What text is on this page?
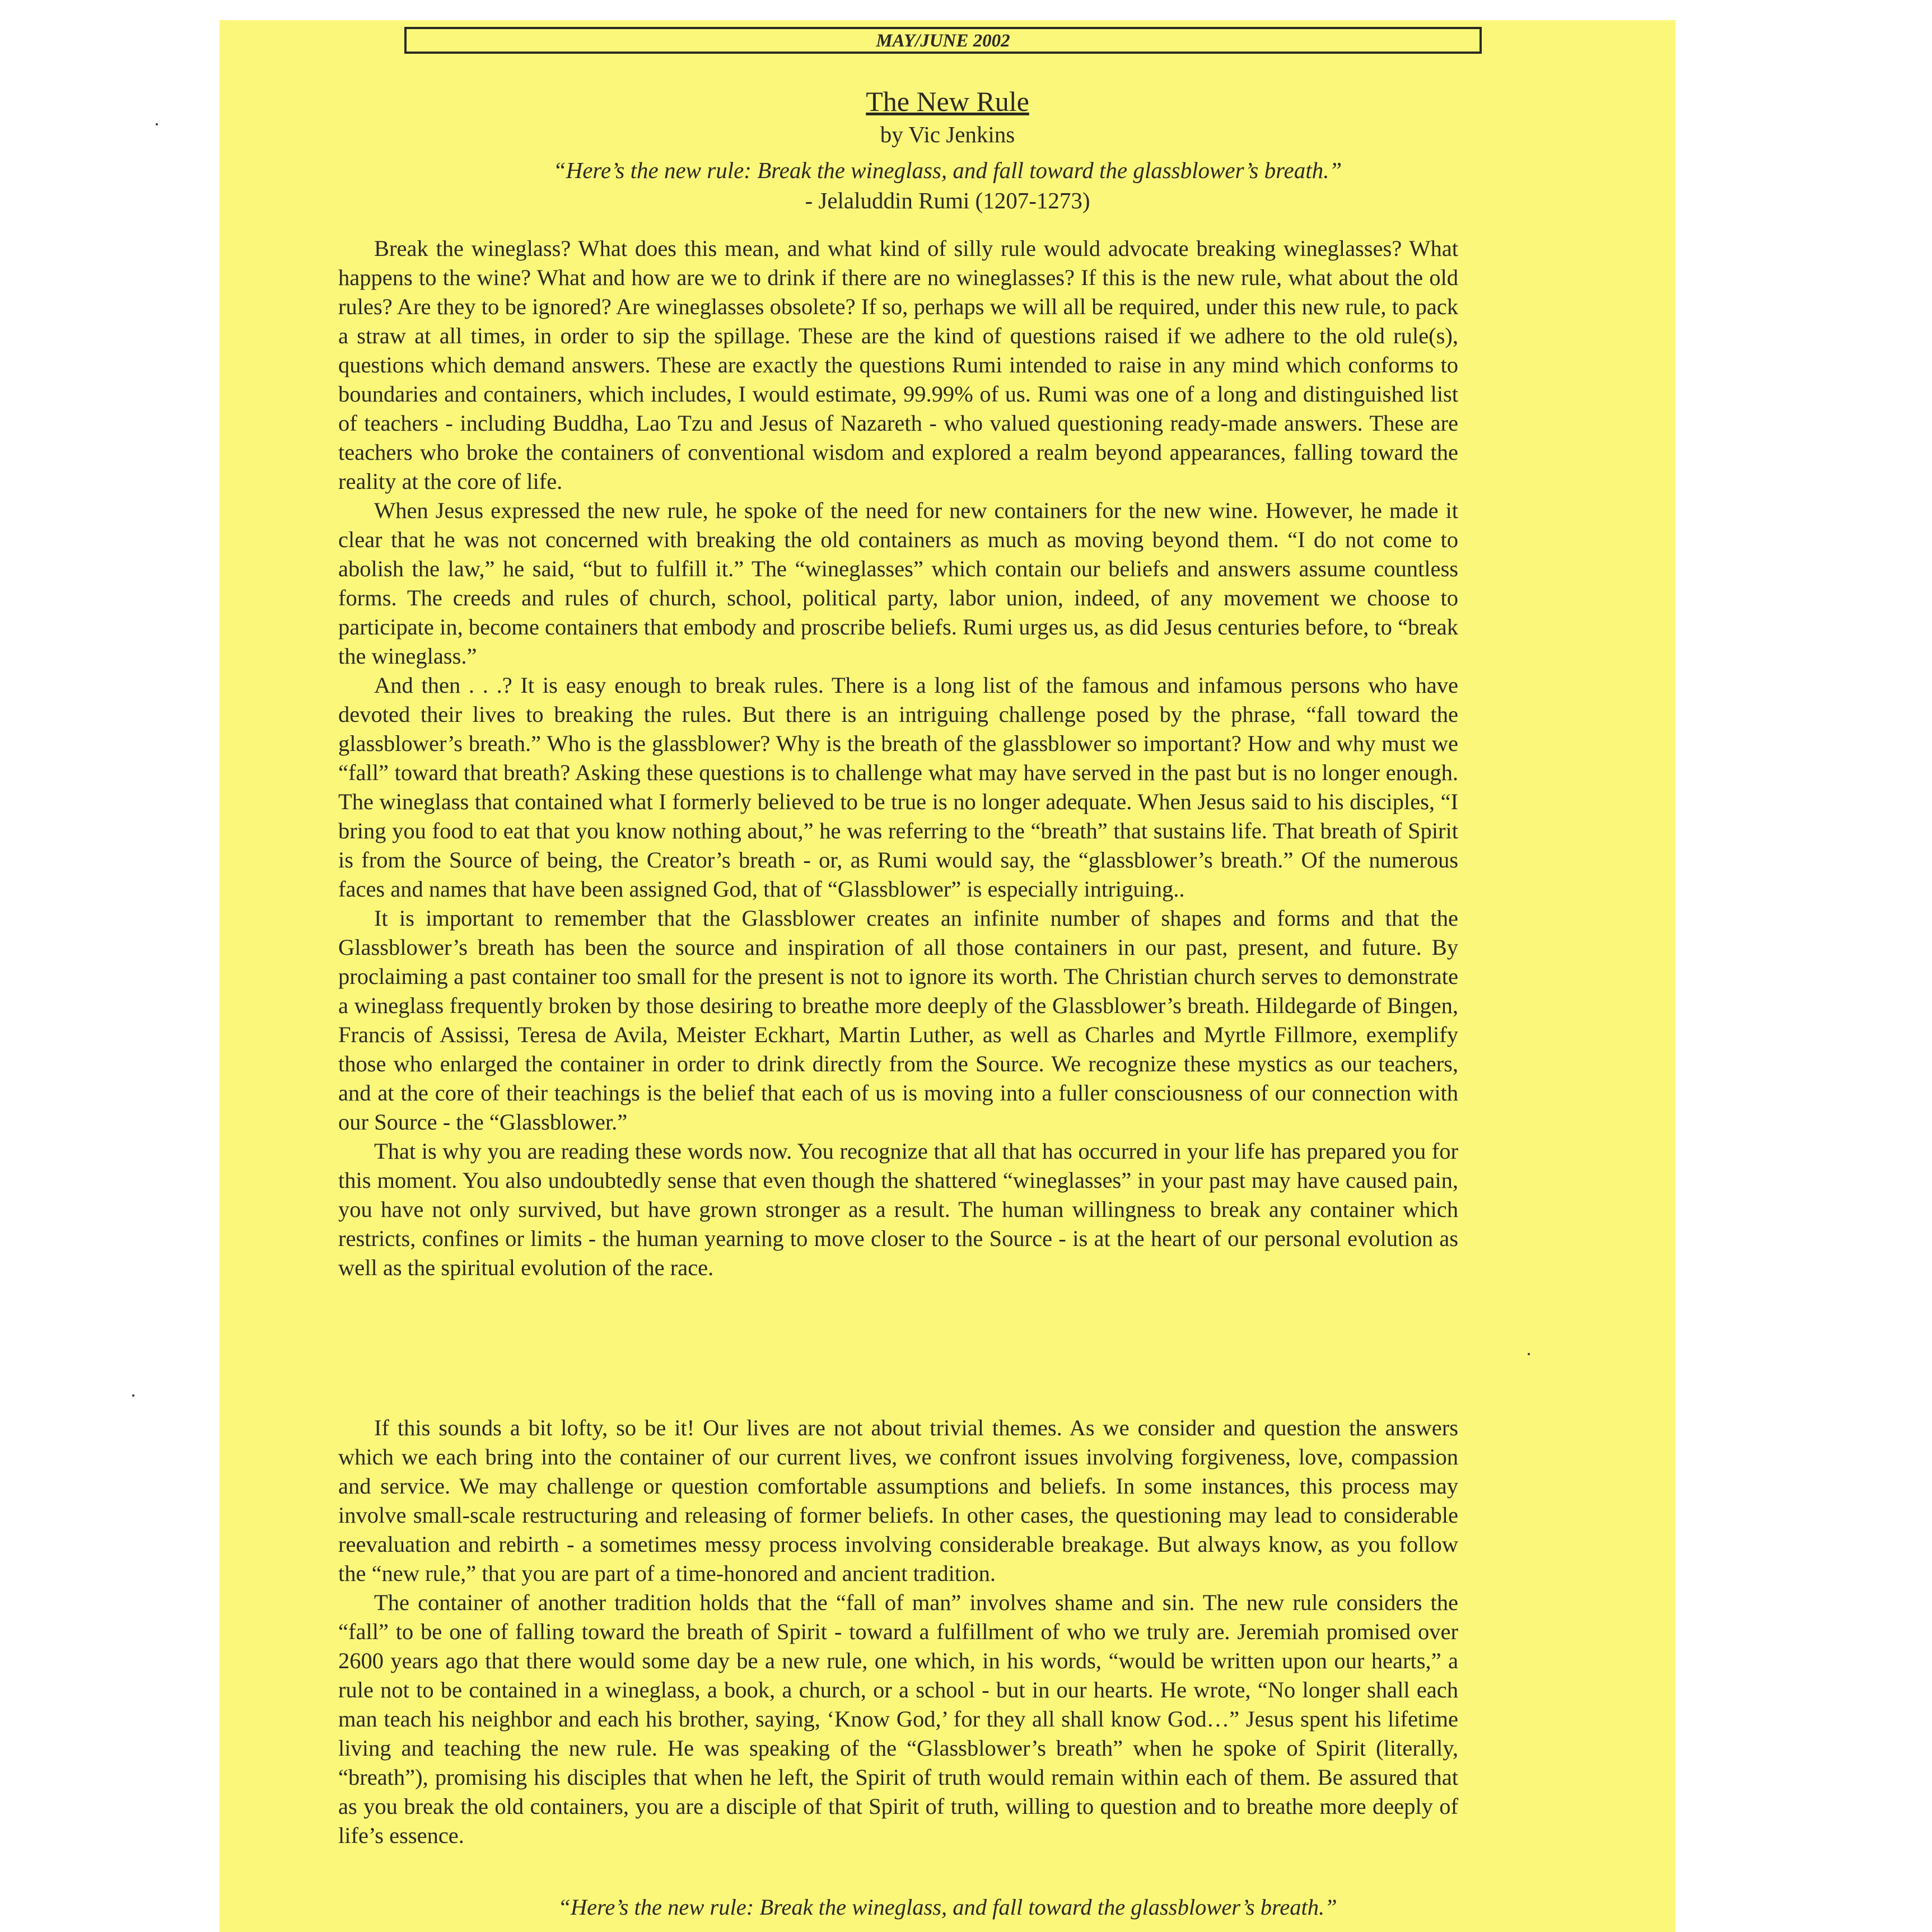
MAY/JUNE 2002
The New Rule
by Vic Jenkins
“Here’s the new rule: Break the wineglass, and fall toward the glassblower’s breath.”
- Jelaluddin Rumi (1207-1273)

Break the wineglass? What does this mean, and what kind of silly rule would advocate breaking wineglasses? What happens to the wine? What and how are we to drink if there are no wineglasses? If this is the new rule, what about the old rules? Are they to be ignored? Are wineglasses obsolete? If so, perhaps we will all be required, under this new rule, to pack a straw at all times, in order to sip the spillage. These are the kind of questions raised if we adhere to the old rule(s), questions which demand answers. These are exactly the questions Rumi intended to raise in any mind which conforms to boundaries and containers, which includes, I would estimate, 99.99% of us. Rumi was one of a long and distinguished list of teachers - including Buddha, Lao Tzu and Jesus of Nazareth - who valued questioning ready-made answers. These are teachers who broke the containers of conventional wisdom and explored a realm beyond appearances, falling toward the reality at the core of life.

When Jesus expressed the new rule, he spoke of the need for new containers for the new wine. However, he made it clear that he was not concerned with breaking the old containers as much as moving beyond them. “I do not come to abolish the law,” he said, “but to fulfill it.” The “wineglasses” which contain our beliefs and answers assume countless forms. The creeds and rules of church, school, political party, labor union, indeed, of any movement we choose to participate in, become containers that embody and proscribe beliefs. Rumi urges us, as did Jesus centuries before, to “break the wineglass.”

And then . . .? It is easy enough to break rules. There is a long list of the famous and infamous persons who have devoted their lives to breaking the rules. But there is an intriguing challenge posed by the phrase, “fall toward the glassblower’s breath.” Who is the glassblower? Why is the breath of the glassblower so important? How and why must we “fall” toward that breath? Asking these questions is to challenge what may have served in the past but is no longer enough. The wineglass that contained what I formerly believed to be true is no longer adequate. When Jesus said to his disciples, “I bring you food to eat that you know nothing about,” he was referring to the “breath” that sustains life. That breath of Spirit is from the Source of being, the Creator’s breath - or, as Rumi would say, the “glassblower’s breath.” Of the numerous faces and names that have been assigned God, that of “Glassblower” is especially intriguing..

It is important to remember that the Glassblower creates an infinite number of shapes and forms and that the Glassblower’s breath has been the source and inspiration of all those containers in our past, present, and future. By proclaiming a past container too small for the present is not to ignore its worth. The Christian church serves to demonstrate a wineglass frequently broken by those desiring to breathe more deeply of the Glassblower’s breath. Hildegarde of Bingen, Francis of Assissi, Teresa de Avila, Meister Eckhart, Martin Luther, as well as Charles and Myrtle Fillmore, exemplify those who enlarged the container in order to drink directly from the Source. We recognize these mystics as our teachers, and at the core of their teachings is the belief that each of us is moving into a fuller consciousness of our connection with our Source - the “Glassblower.”

That is why you are reading these words now. You recognize that all that has occurred in your life has prepared you for this moment. You also undoubtedly sense that even though the shattered “wineglasses” in your past may have caused pain, you have not only survived, but have grown stronger as a result. The human willingness to break any container which restricts, confines or limits - the human yearning to move closer to the Source - is at the heart of our personal evolution as well as the spiritual evolution of the race.

If this sounds a bit lofty, so be it! Our lives are not about trivial themes. As we consider and question the answers which we each bring into the container of our current lives, we confront issues involving forgiveness, love, compassion and service. We may challenge or question comfortable assumptions and beliefs. In some instances, this process may involve small-scale restructuring and releasing of former beliefs. In other cases, the questioning may lead to considerable reevaluation and rebirth - a sometimes messy process involving considerable breakage. But always know, as you follow the “new rule,” that you are part of a time-honored and ancient tradition.

The container of another tradition holds that the “fall of man” involves shame and sin. The new rule considers the “fall” to be one of falling toward the breath of Spirit - toward a fulfillment of who we truly are. Jeremiah promised over 2600 years ago that there would some day be a new rule, one which, in his words, “would be written upon our hearts,” a rule not to be contained in a wineglass, a book, a church, or a school - but in our hearts. He wrote, “No longer shall each man teach his neighbor and each his brother, saying, ‘Know God,’ for they all shall know God…” Jesus spent his lifetime living and teaching the new rule. He was speaking of the “Glassblower’s breath” when he spoke of Spirit (literally, “breath”), promising his disciples that when he left, the Spirit of truth would remain within each of them. Be assured that as you break the old containers, you are a disciple of that Spirit of truth, willing to question and to breathe more deeply of life’s essence.

“Here’s the new rule: Break the wineglass, and fall toward the glassblower’s breath.”
